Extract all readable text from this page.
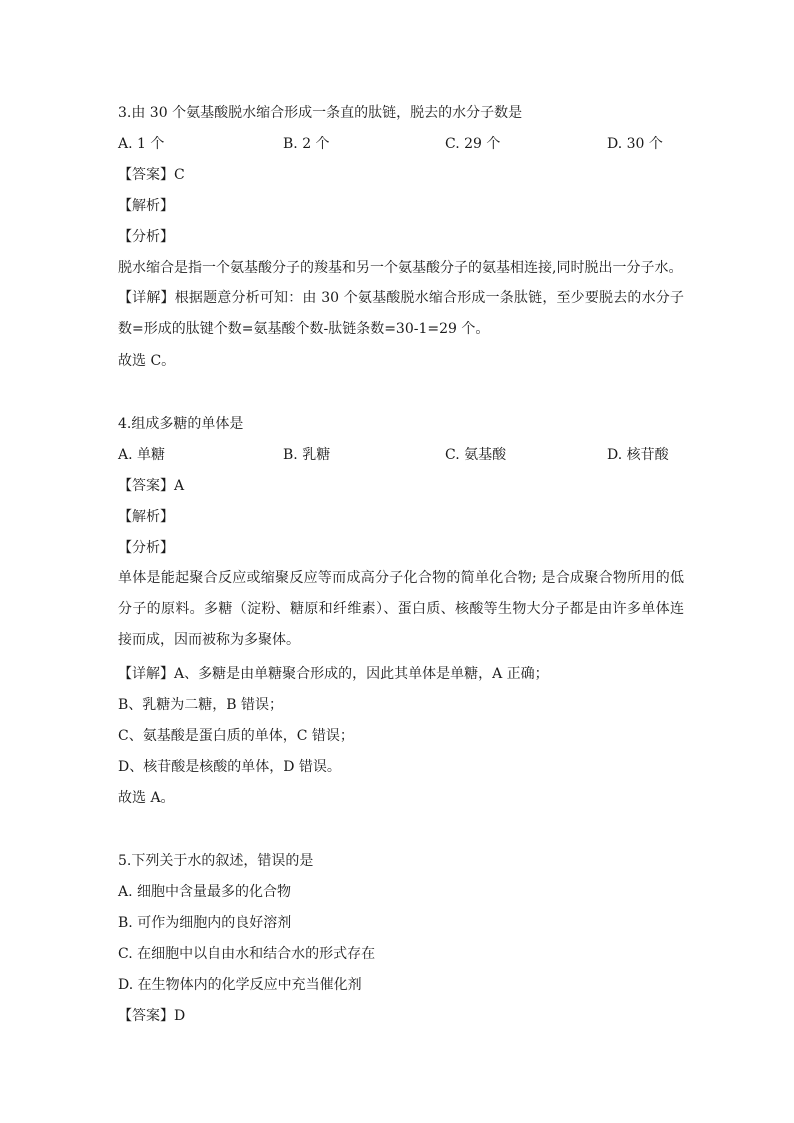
3.由 30 个氨基酸脱水缩合形成一条直的肽链，脱去的水分子数是
A. 1 个	B. 2 个	C. 29 个	D. 30 个
【答案】C
【解析】
【分析】
脱水缩合是指一个氨基酸分子的羧基和另一个氨基酸分子的氨基相连接,同时脱出一分子水。
【详解】根据题意分析可知：由 30 个氨基酸脱水缩合形成一条肽链，至少要脱去的水分子数=形成的肽键个数=氨基酸个数-肽链条数=30-1=29 个。
故选 C。
4.组成多糖的单体是
A. 单糖	B. 乳糖	C. 氨基酸	D. 核苷酸
【答案】A
【解析】
【分析】
单体是能起聚合反应或缩聚反应等而成高分子化合物的简单化合物; 是合成聚合物所用的低分子的原料。多糖（淀粉、糖原和纤维素）、蛋白质、核酸等生物大分子都是由许多单体连接而成，因而被称为多聚体。
【详解】A、多糖是由单糖聚合形成的，因此其单体是单糖，A 正确；
B、乳糖为二糖，B 错误；
C、氨基酸是蛋白质的单体，C 错误；
D、核苷酸是核酸的单体，D 错误。
故选 A。
5.下列关于水的叙述，错误的是
A. 细胞中含量最多的化合物
B. 可作为细胞内的良好溶剂
C. 在细胞中以自由水和结合水的形式存在
D. 在生物体内的化学反应中充当催化剂
【答案】D
